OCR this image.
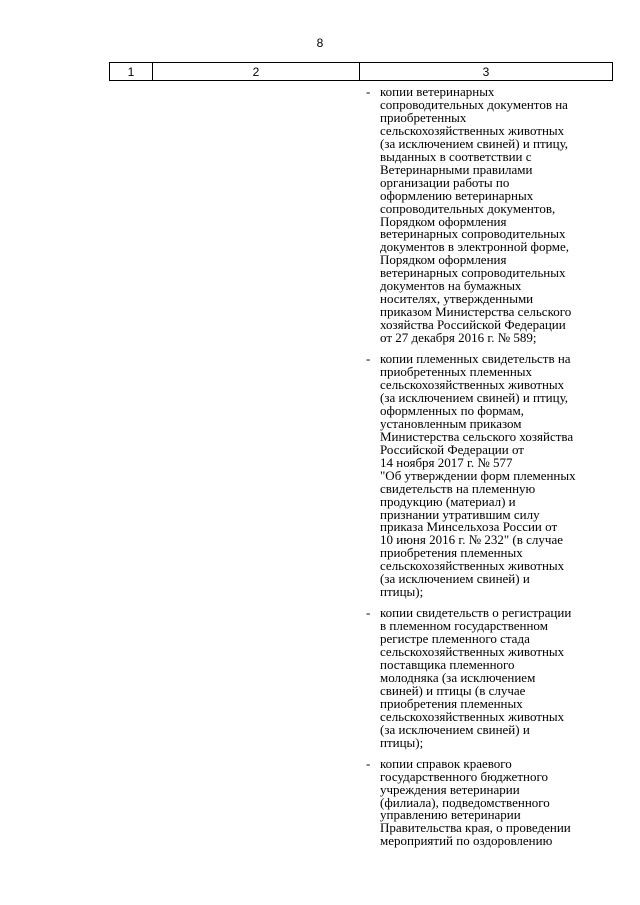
8
1	2	3
- копии ветеринарных
сопроводительных документов на
приобретенных
сельскохозяйственных животных
(за исключением свиней) и птицу,
выданных в соответствии с
Ветеринарными правилами
организации работы по
оформлению ветеринарных
сопроводительных документов,
Порядком оформления
ветеринарных сопроводительных
документов в электронной форме,
Порядком оформления
ветеринарных сопроводительных
документов на бумажных
носителях, утвержденными
приказом Министерства сельского
хозяйства Российской Федерации
от 27 декабря 2016 г. № 589;
- копии племенных свидетельств на
приобретенных племенных
сельскохозяйственных животных
(за исключением свиней) и птицу,
оформленных по формам,
установленным приказом
Министерства сельского хозяйства
Российской Федерации от
14 ноября 2017 г. № 577
"Об утверждении форм племенных
свидетельств на племенную
продукцию (материал) и
признании утратившим силу
приказа Минсельхоза России от
10 июня 2016 г. № 232" (в случае
приобретения племенных
сельскохозяйственных животных
(за исключением свиней) и
птицы);
- копии свидетельств о регистрации
в племенном государственном
регистре племенного стада
сельскохозяйственных животных
поставщика племенного
молодняка (за исключением
свиней) и птицы (в случае
приобретения племенных
сельскохозяйственных животных
(за исключением свиней) и
птицы);
- копии справок краевого
государственного бюджетного
учреждения ветеринарии
(филиала), подведомственного
управлению ветеринарии
Правительства края, о проведении
мероприятий по оздоровлению
